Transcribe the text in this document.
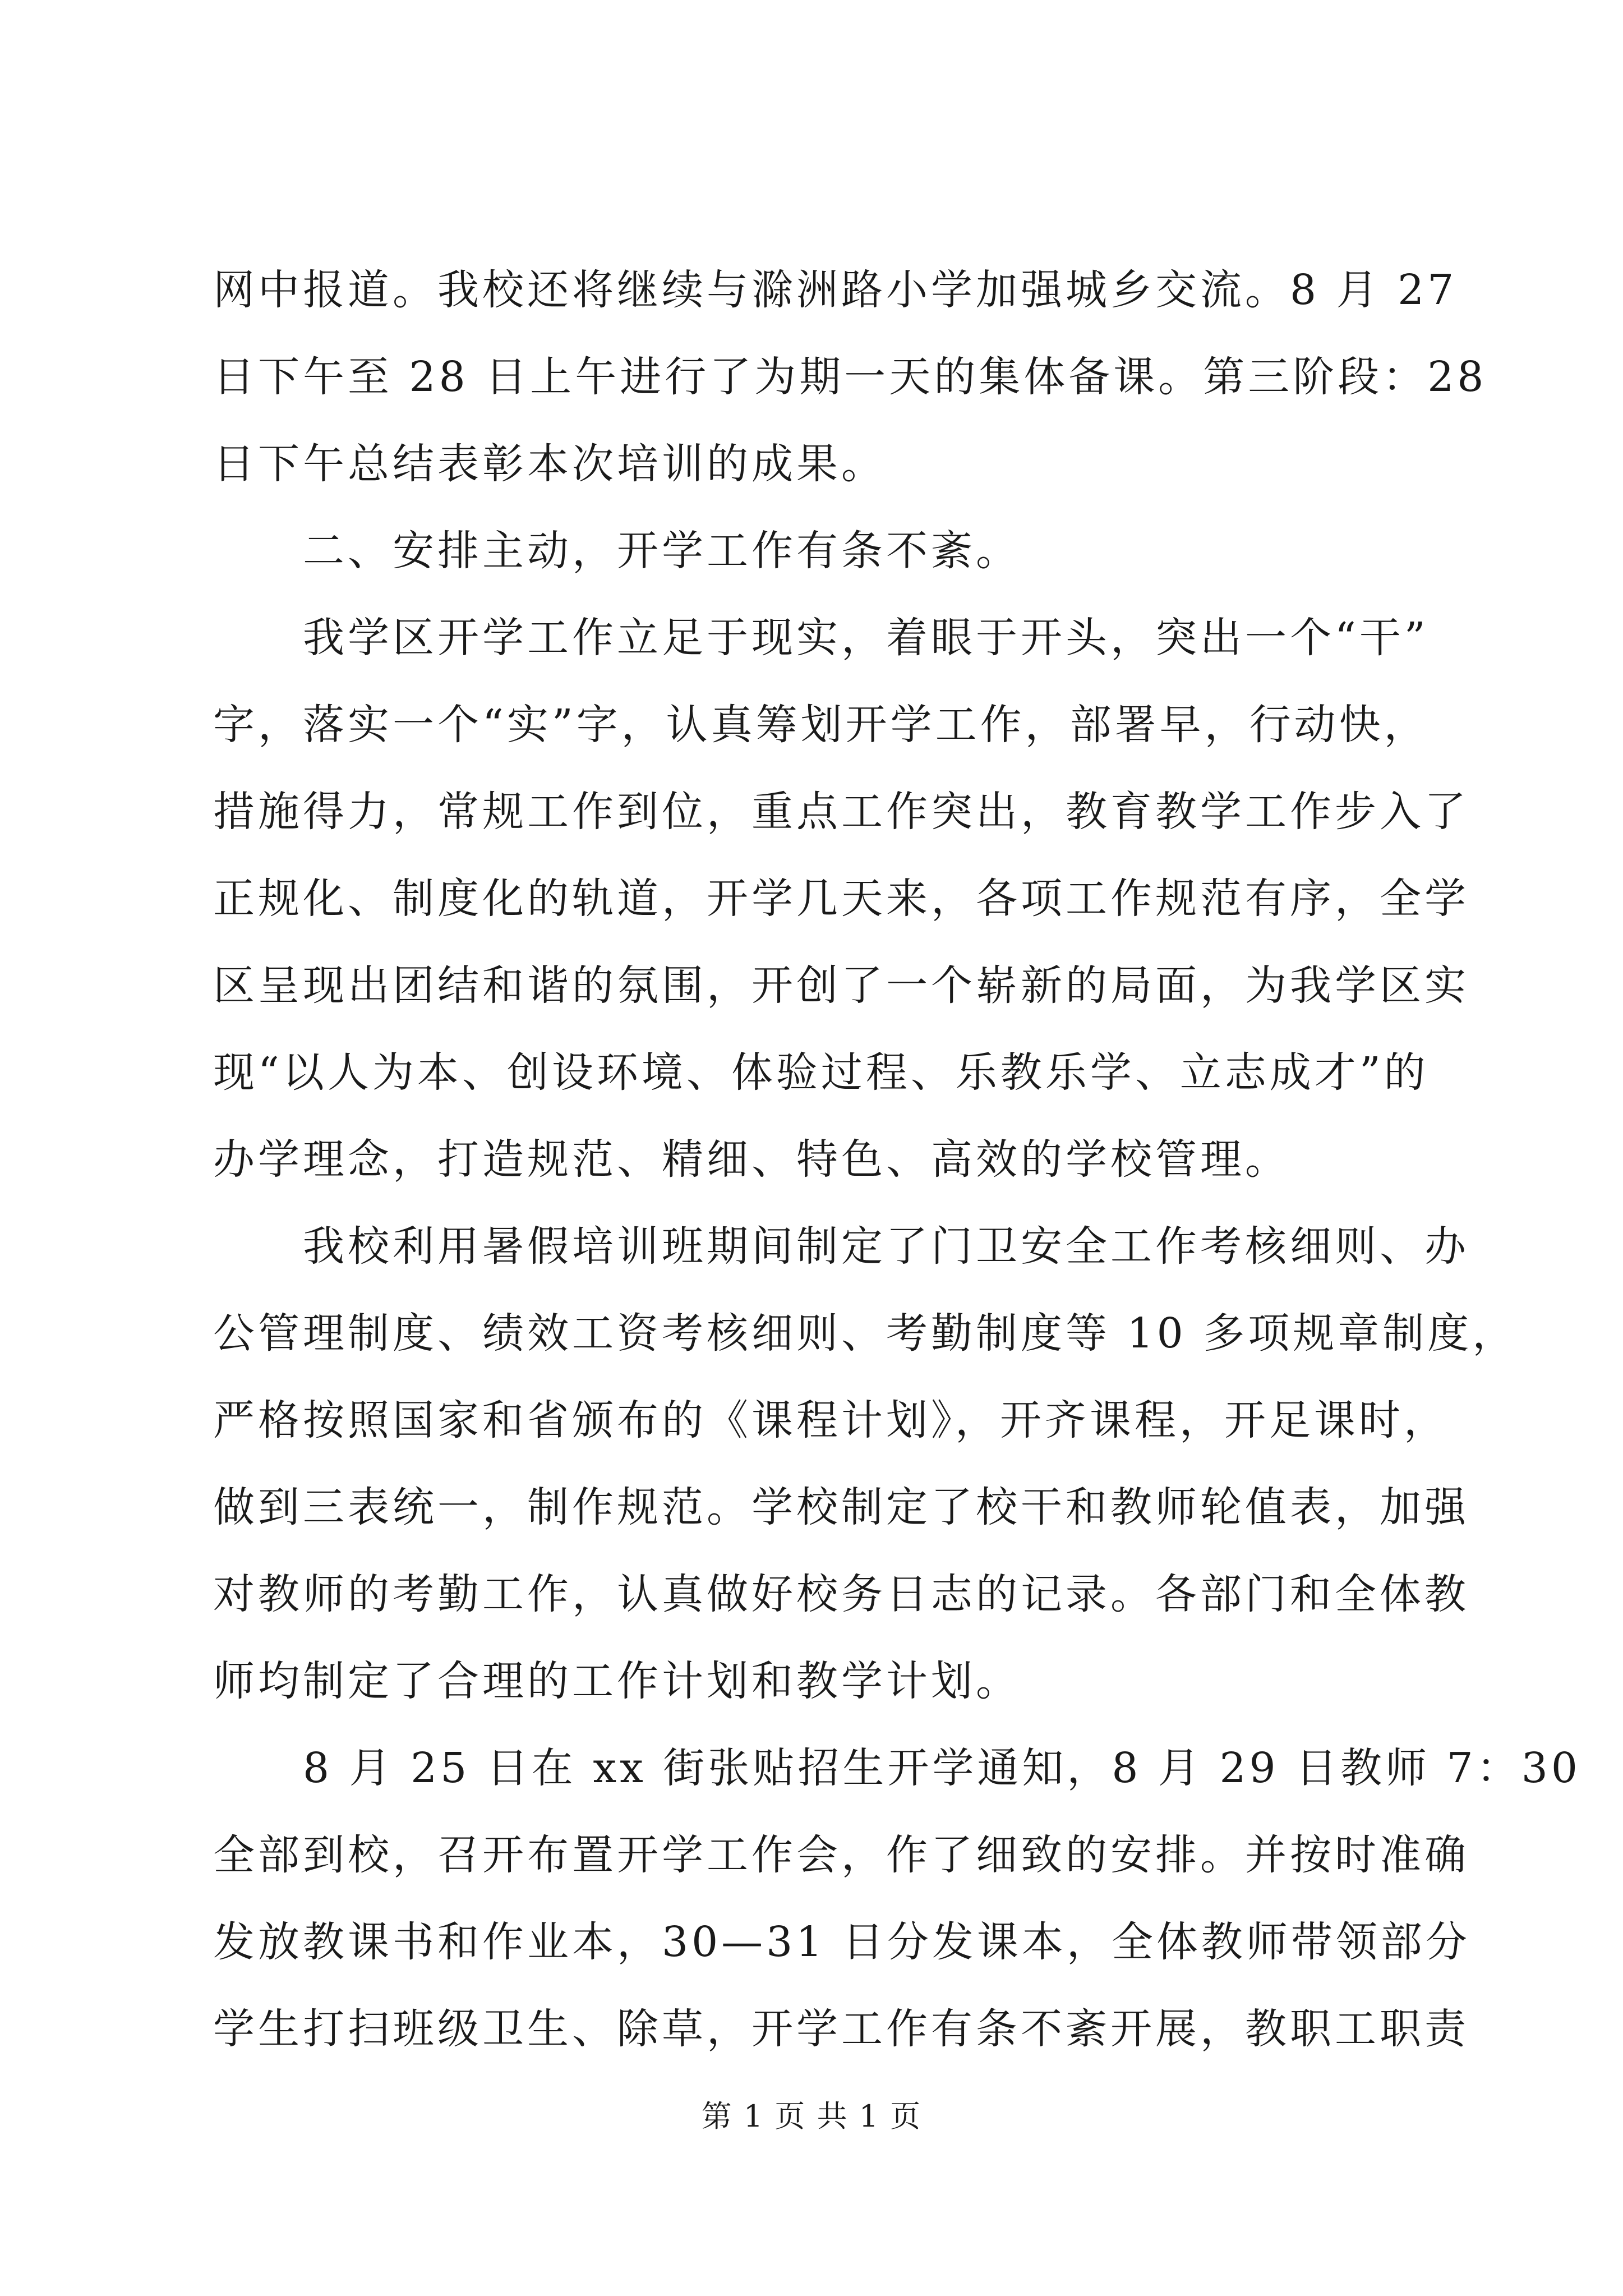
网中报道。我校还将继续与滁洲路小学加强城乡交流。8 月 27
日下午至 28 日上午进行了为期一天的集体备课。第三阶段：28
日下午总结表彰本次培训的成果。
二、安排主动，开学工作有条不紊。
我学区开学工作立足于现实，着眼于开头，突出一个“干”
字，落实一个“实”字，认真筹划开学工作，部署早，行动快，
措施得力，常规工作到位，重点工作突出，教育教学工作步入了
正规化、制度化的轨道，开学几天来，各项工作规范有序，全学
区呈现出团结和谐的氛围，开创了一个崭新的局面，为我学区实
现“以人为本、创设环境、体验过程、乐教乐学、立志成才”的
办学理念，打造规范、精细、特色、高效的学校管理。
我校利用暑假培训班期间制定了门卫安全工作考核细则、办
公管理制度、绩效工资考核细则、考勤制度等 10 多项规章制度，
严格按照国家和省颁布的《课程计划》，开齐课程，开足课时，
做到三表统一，制作规范。学校制定了校干和教师轮值表，加强
对教师的考勤工作，认真做好校务日志的记录。各部门和全体教
师均制定了合理的工作计划和教学计划。
8 月 25 日在 xx 街张贴招生开学通知，8 月 29 日教师 7：30
全部到校，召开布置开学工作会，作了细致的安排。并按时准确
发放教课书和作业本，30—31 日分发课本，全体教师带领部分
学生打扫班级卫生、除草，开学工作有条不紊开展，教职工职责
第 1 页 共 1 页
